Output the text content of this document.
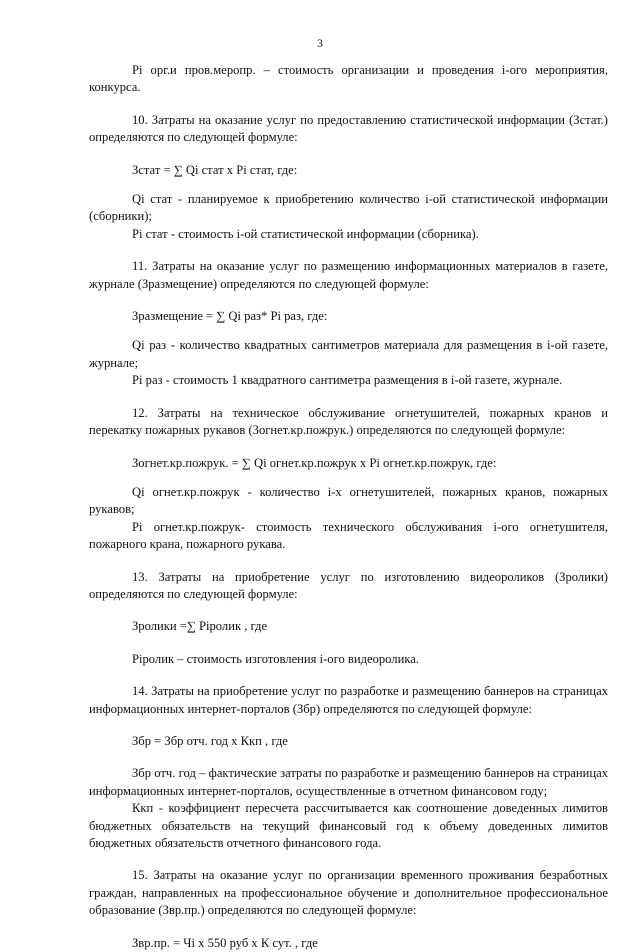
3

Pi орг.и пров.меропр. – стоимость организации и проведения i-ого мероприятия, конкурса.

10. Затраты на оказание услуг по предоставлению статистической информации (Зстат.) определяются по следующей формуле:

Зстат = ∑ Qi стат х Pi стат, где:

Qi стат - планируемое к приобретению количество i-ой статистической информации (сборники);

Pi стат - стоимость i-ой статистической информации (сборника).

11. Затраты на оказание услуг по размещению информационных материалов в газете, журнале (Зразмещение) определяются по следующей формуле:

Зразмещение = ∑ Qi раз* Pi раз, где:

Qi раз - количество квадратных сантиметров материала для размещения в i-ой газете, журнале;

Pi раз - стоимость 1 квадратного сантиметра размещения в i-ой газете, журнале.

12. Затраты на техническое обслуживание огнетушителей, пожарных кранов и перекатку пожарных рукавов (Зогнет.кр.пожрук.) определяются по следующей формуле:

Зогнет.кр.пожрук. = ∑ Qi огнет.кр.пожрук х Pi огнет.кр.пожрук, где:

Qi огнет.кр.пожрук - количество i-х огнетушителей, пожарных кранов, пожарных рукавов;

Pi огнет.кр.пожрук- стоимость технического обслуживания i-ого огнетушителя, пожарного крана, пожарного рукава.

13. Затраты на приобретение услуг по изготовлению видеороликов (Зролики) определяются по следующей формуле:

Зролики =∑ Piролик , где

Piролик – стоимость изготовления i-ого видеоролика.

14. Затраты на приобретение услуг по разработке и размещению баннеров на страницах информационных интернет-порталов (Збр) определяются по следующей формуле:

Збр = Збр отч. год х Ккп , где

Збр отч. год – фактические затраты по разработке и размещению баннеров на страницах информационных интернет-порталов, осуществленные в отчетном финансовом году;

Ккп - коэффициент пересчета рассчитывается как соотношение доведенных лимитов бюджетных обязательств на текущий финансовый год к объему доведенных лимитов бюджетных обязательств отчетного финансового года.

15. Затраты на оказание услуг по организации временного проживания безработных граждан, направленных на профессиональное обучение и дополнительное профессиональное образование (Звр.пр.) определяются по следующей формуле:

Звр.пр. = Чi х 550 руб х К сут. , где
